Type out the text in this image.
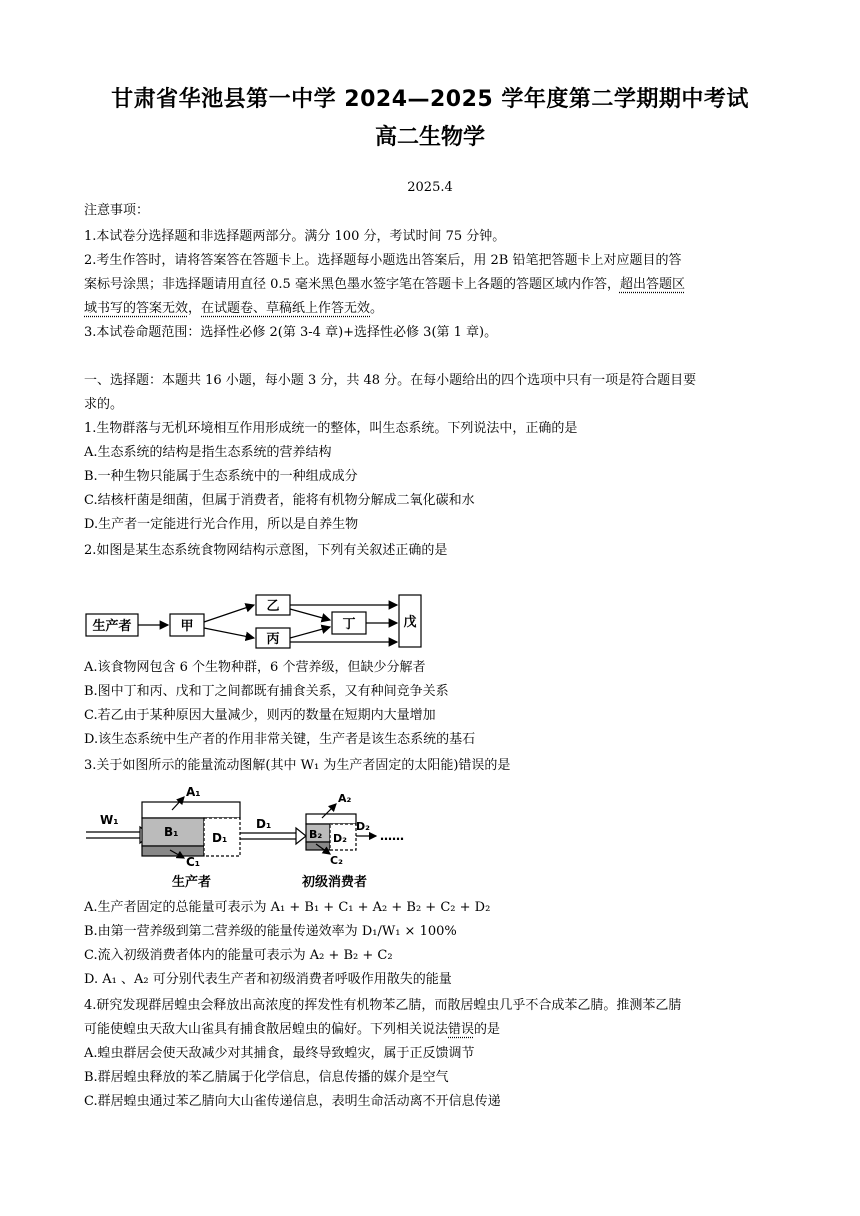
甘肃省华池县第一中学 2024—2025 学年度第二学期期中考试
高二生物学
2025.4
注意事项：
1.本试卷分选择题和非选择题两部分。满分 100 分，考试时间 75 分钟。
2.考生作答时，请将答案答在答题卡上。选择题每小题选出答案后，用 2B 铅笔把答题卡上对应题目的答
案标号涂黑；非选择题请用直径 0.5 毫米黑色墨水签字笔在答题卡上各题的答题区域内作答，超出答题区
域书写的答案无效，在试题卷、草稿纸上作答无效。
3.本试卷命题范围：选择性必修 2(第 3-4 章)+选择性必修 3(第 1 章)。
一、选择题：本题共 16 小题，每小题 3 分，共 48 分。在每小题给出的四个选项中只有一项是符合题目要
求的。
1.生物群落与无机环境相互作用形成统一的整体，叫生态系统。下列说法中，正确的是
A.生态系统的结构是指生态系统的营养结构
B.一种生物只能属于生态系统中的一种组成成分
C.结核杆菌是细菌，但属于消费者，能将有机物分解成二氧化碳和水
D.生产者一定能进行光合作用，所以是自养生物
2.如图是某生态系统食物网结构示意图，下列有关叙述正确的是
生产者	甲
乙
丙
丁	戊
A.该食物网包含 6 个生物种群，6 个营养级，但缺少分解者
B.图中丁和丙、戊和丁之间都既有捕食关系，又有种间竞争关系
C.若乙由于某种原因大量减少，则丙的数量在短期内大量增加
D.该生态系统中生产者的作用非常关键，生产者是该生态系统的基石
3.关于如图所示的能量流动图解(其中 W₁ 为生产者固定的太阳能)错误的是
W₁
A₁
B₁
C₁
D₁
D₁
A₂
B₂ D₂
C₂
D₂
……
生产者	初级消费者
A.生产者固定的总能量可表示为 A₁ + B₁ + C₁ + A₂ + B₂ + C₂ + D₂
B.由第一营养级到第二营养级的能量传递效率为 D₁/W₁ × 100%
C.流入初级消费者体内的能量可表示为 A₂ + B₂ + C₂
D. A₁ 、A₂ 可分别代表生产者和初级消费者呼吸作用散失的能量
4.研究发现群居蝗虫会释放出高浓度的挥发性有机物苯乙腈，而散居蝗虫几乎不合成苯乙腈。推测苯乙腈
可能使蝗虫天敌大山雀具有捕食散居蝗虫的偏好。下列相关说法错误的是
A.蝗虫群居会使天敌减少对其捕食，最终导致蝗灾，属于正反馈调节
B.群居蝗虫释放的苯乙腈属于化学信息，信息传播的媒介是空气
C.群居蝗虫通过苯乙腈向大山雀传递信息，表明生命活动离不开信息传递
